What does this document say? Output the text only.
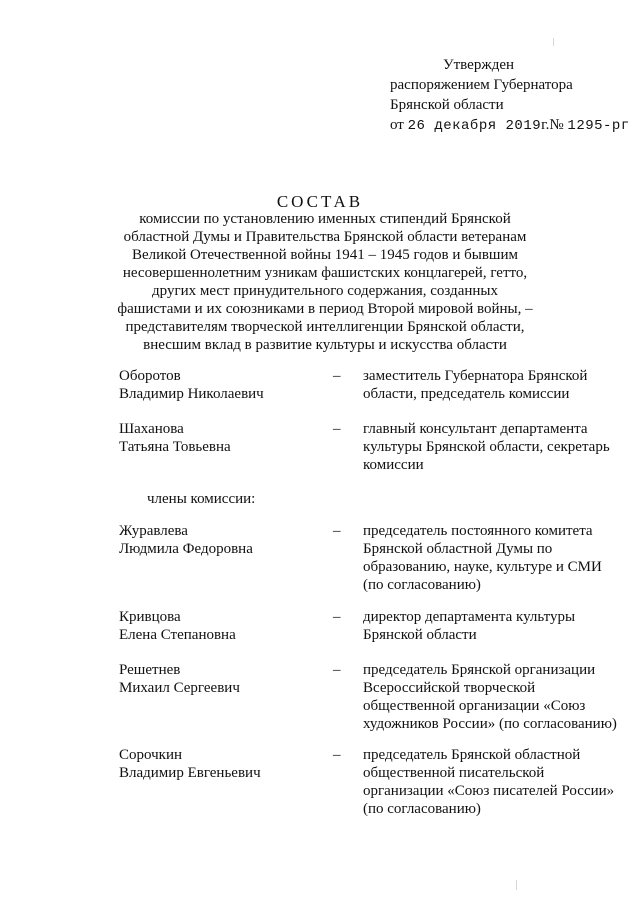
Утвержден
распоряжением Губернатора
Брянской области
от 26 декабря 2019г.№ 1295-рг
СОСТАВ
комиссии по установлению именных стипендий Брянской областной Думы и Правительства Брянской области ветеранам Великой Отечественной войны 1941 – 1945 годов и бывшим несовершеннолетним узникам фашистских концлагерей, гетто, других мест принудительного содержания, созданных фашистами и их союзниками в период Второй мировой войны, – представителям творческой интеллигенции Брянской области, внесшим вклад в развитие культуры и искусства области
Оборотов
Владимир Николаевич
– заместитель Губернатора Брянской области, председатель комиссии
Шаханова
Татьяна Товьевна
– главный консультант департамента культуры Брянской области, секретарь комиссии
члены комиссии:
Журавлева
Людмила Федоровна
– председатель постоянного комитета Брянской областной Думы по образованию, науке, культуре и СМИ (по согласованию)
Кривцова
Елена Степановна
– директор департамента культуры Брянской области
Решетнев
Михаил Сергеевич
– председатель Брянской организации Всероссийской творческой общественной организации «Союз художников России» (по согласованию)
Сорочкин
Владимир Евгеньевич
– председатель Брянской областной общественной писательской организации «Союз писателей России» (по согласованию)
